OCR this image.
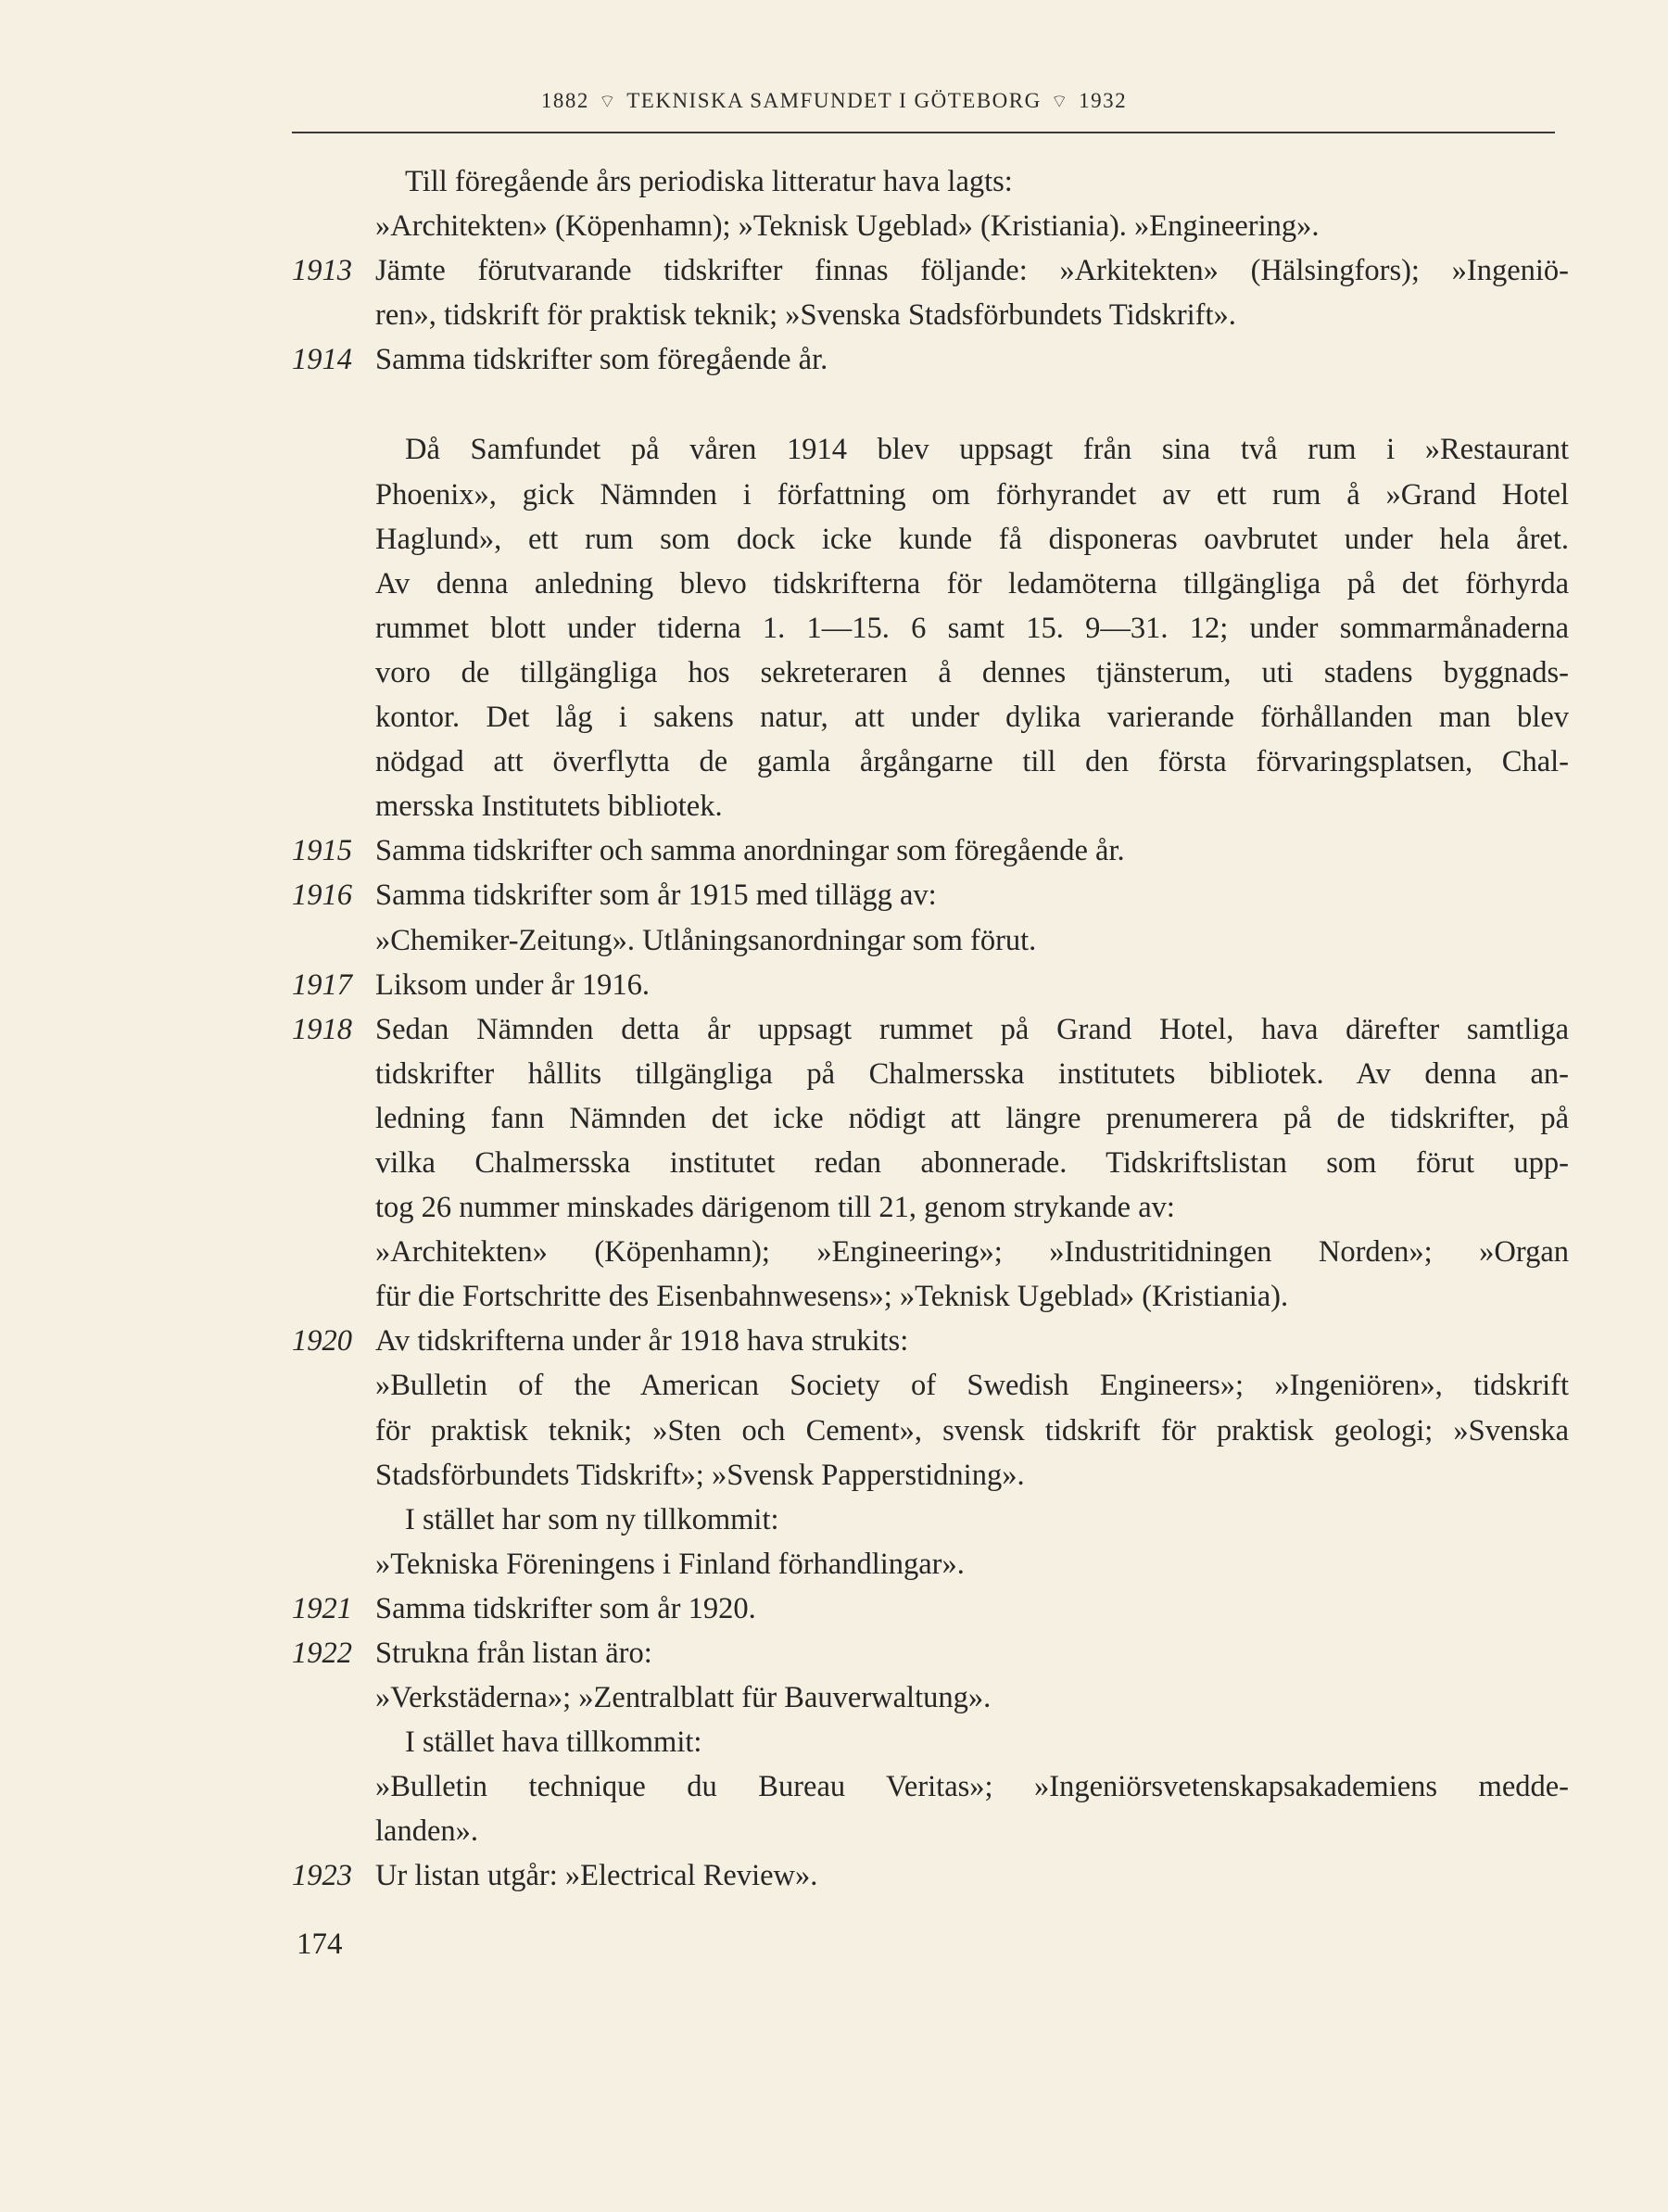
1882 ⌔ TEKNISKA SAMFUNDET I GÖTEBORG ⌔ 1932
Till föregående års periodiska litteratur hava lagts:
»Architekten» (Köpenhamn); »Teknisk Ugeblad» (Kristiania). »Engineering».
1913 Jämte förutvarande tidskrifter finnas följande: »Arkitekten» (Hälsingfors); »Ingeniö-
ren», tidskrift för praktisk teknik; »Svenska Stadsförbundets Tidskrift».
1914 Samma tidskrifter som föregående år.
Då Samfundet på våren 1914 blev uppsagt från sina två rum i »Restaurant
Phoenix», gick Nämnden i författning om förhyrandet av ett rum å »Grand Hotel
Haglund», ett rum som dock icke kunde få disponeras oavbrutet under hela året.
Av denna anledning blevo tidskrifterna för ledamöterna tillgängliga på det förhyrda
rummet blott under tiderna 1. 1—15. 6 samt 15. 9—31. 12; under sommarmånaderna
voro de tillgängliga hos sekreteraren å dennes tjänsterum, uti stadens byggnads-
kontor. Det låg i sakens natur, att under dylika varierande förhållanden man blev
nödgad att överflytta de gamla årgångarne till den första förvaringsplatsen, Chal-
mersska Institutets bibliotek.
1915 Samma tidskrifter och samma anordningar som föregående år.
1916 Samma tidskrifter som år 1915 med tillägg av:
»Chemiker-Zeitung». Utlåningsanordningar som förut.
1917 Liksom under år 1916.
1918 Sedan Nämnden detta år uppsagt rummet på Grand Hotel, hava därefter samtliga
tidskrifter hållits tillgängliga på Chalmersska institutets bibliotek. Av denna an-
ledning fann Nämnden det icke nödigt att längre prenumerera på de tidskrifter, på
vilka Chalmersska institutet redan abonnerade. Tidskriftslistan som förut upp-
tog 26 nummer minskades därigenom till 21, genom strykande av:
»Architekten» (Köpenhamn); »Engineering»; »Industritidningen Norden»; »Organ
für die Fortschritte des Eisenbahnwesens»; »Teknisk Ugeblad» (Kristiania).
1920 Av tidskrifterna under år 1918 hava strukits:
»Bulletin of the American Society of Swedish Engineers»; »Ingeniören», tidskrift
för praktisk teknik; »Sten och Cement», svensk tidskrift för praktisk geologi; »Svenska
Stadsförbundets Tidskrift»; »Svensk Papperstidning».
I stället har som ny tillkommit:
»Tekniska Föreningens i Finland förhandlingar».
1921 Samma tidskrifter som år 1920.
1922 Strukna från listan äro:
»Verkstäderna»; »Zentralblatt für Bauverwaltung».
I stället hava tillkommit:
»Bulletin technique du Bureau Veritas»; »Ingeniörsvetenskapsakademiens medde-
landen».
1923 Ur listan utgår: »Electrical Review».
174
